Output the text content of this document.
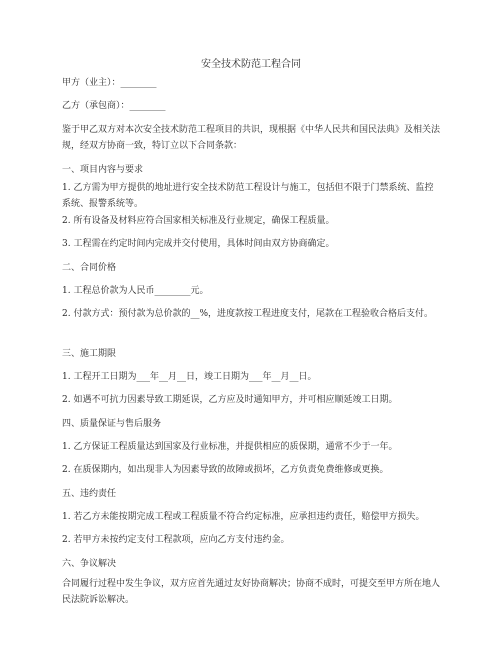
安全技术防范工程合同
甲方（业主）：________
乙方（承包商）：________
鉴于甲乙双方对本次安全技术防范工程项目的共识，现根据《中华人民共和国民法典》及相关法规，经双方协商一致，特订立以下合同条款：
一、项目内容与要求
1. 乙方需为甲方提供的地址进行安全技术防范工程设计与施工，包括但不限于门禁系统、监控系统、报警系统等。
2. 所有设备及材料应符合国家相关标准及行业规定，确保工程质量。
3. 工程需在约定时间内完成并交付使用，具体时间由双方协商确定。
二、合同价格
1. 工程总价款为人民币________元。
2. 付款方式：预付款为总价款的__%，进度款按工程进度支付，尾款在工程验收合格后支付。
三、施工期限
1. 工程开工日期为___年__月__日，竣工日期为___年__月__日。
2. 如遇不可抗力因素导致工期延误，乙方应及时通知甲方，并可相应顺延竣工日期。
四、质量保证与售后服务
1. 乙方保证工程质量达到国家及行业标准，并提供相应的质保期，通常不少于一年。
2. 在质保期内，如出现非人为因素导致的故障或损坏，乙方负责免费维修或更换。
五、违约责任
1. 若乙方未能按期完成工程或工程质量不符合约定标准，应承担违约责任，赔偿甲方损失。
2. 若甲方未按约定支付工程款项，应向乙方支付违约金。
六、争议解决
合同履行过程中发生争议，双方应首先通过友好协商解决；协商不成时，可提交至甲方所在地人民法院诉讼解决。
